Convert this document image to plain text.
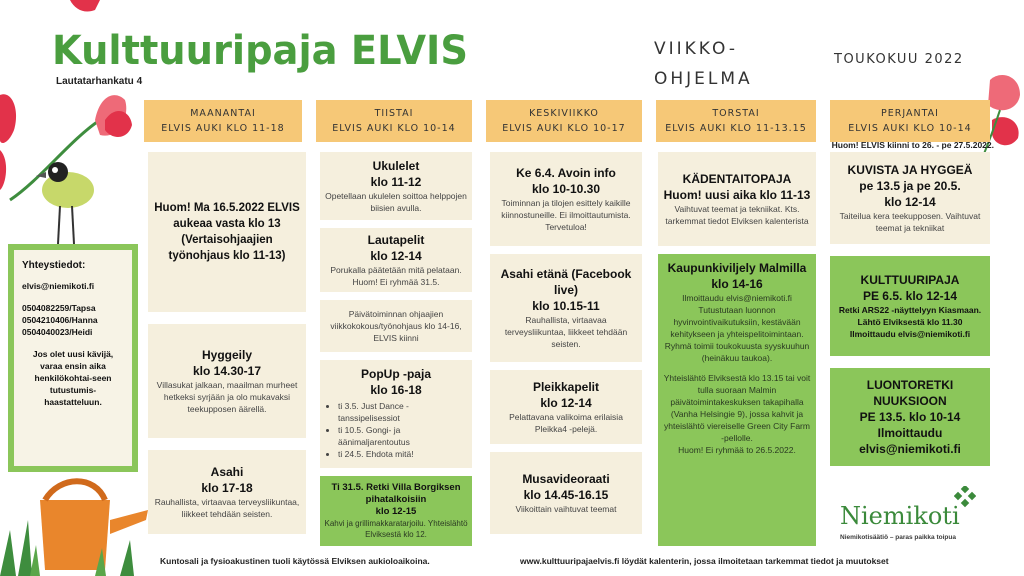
Kulttuuripaja ELVIS
Lautatarhankatu 4
VIIKKO-
OHJELMA
TOUKOKUU 2022
MAANANTAI
ELVIS AUKI KLO 11-18
TIISTAI
ELVIS AUKI KLO 10-14
KESKIVIIKKO
ELVIS AUKI KLO 10-17
TORSTAI
ELVIS AUKI KLO 11-13.15
PERJANTAI
ELVIS AUKI KLO 10-14
Huom! ELVIS kiinni to 26. - pe 27.5.2022.
Yhteystiedot:
elvis@niemikoti.fi
0504082259/Tapsa
0504210406/Hanna
0504040023/Heidi
Jos olet uusi kävijä, varaa ensin aika henkilökohtai-seen tutustumis-haastatteluun.
Huom! Ma 16.5.2022 ELVIS aukeaa vasta klo 13 (Vertaisohjaajien työnohjaus klo 11-13)
Hyggeily
klo 14.30-17
Villasukat jalkaan, maailman murheet hetkeksi syrjään ja olo mukavaksi teekupposen äärellä.
Asahi
klo 17-18
Rauhallista, virtaavaa terveysliikuntaa, liikkeet tehdään seisten.
Ukulelet
klo 11-12
Opetellaan ukulelen soittoa helppojen biisien avulla.
Lautapelit
klo 12-14
Porukalla päätetään mitä pelataan. Huom! Ei ryhmää 31.5.
Päivätoiminnan ohjaajien viikkokokous/työnohjaus klo 14-16, ELVIS kiinni
PopUp -paja
klo 16-18
• ti 3.5. Just Dance -tanssipelisessiot
• ti 10.5. Gongi- ja äänimaljarentoutus
• ti 24.5. Ehdota mitä!
Ti 31.5. Retki Villa Borgiksen pihatalkoisiin
klo 12-15
Kahvi ja grillimakkaratarjoilu. Yhteislähtö Elviksestä klo 12.
Ke 6.4. Avoin info
klo 10-10.30
Toiminnan ja tilojen esittely kaikille kiinnostuneille. Ei ilmoittautumista. Tervetuloa!
Asahi etänä (Facebook live)
klo 10.15-11
Rauhallista, virtaavaa terveysliikuntaa, liikkeet tehdään seisten.
Pleikkapelit
klo 12-14
Pelattavana valikoima erilaisia Pleikka4 -pelejä.
Musavideoraati
klo 14.45-16.15
Viikoittain vaihtuvat teemat
KÄDENTAITOPAJA
Huom! uusi aika klo 11-13
Vaihtuvat teemat ja tekniikat. Kts. tarkemmat tiedot Elviksen kalenterista
Kaupunkiviljely Malmilla
klo 14-16
Ilmoittaudu elvis@niemikoti.fi Tutustutaan luonnon hyvinvointivaikutuksiin, kestävään kehitykseen ja yhteispelitoimintaan. Ryhmä toimii toukokuusta syyskuuhun (heinäkuu taukoa).
Yhteislähtö Elviksestä klo 13.15 tai voit tulla suoraan Malmin päivätoimintakeskuksen takapihalla (Vanha Helsingie 9), jossa kahvit ja yhteislähtö viereiselle Green City Farm -pellolle.
Huom! Ei ryhmää to 26.5.2022.
KUVISTA JA HYGGEÄ
pe 13.5 ja pe 20.5.
klo 12-14
Taiteilua kera teekupposen. Vaihtuvat teemat ja tekniikat
KULTTUURIPAJA
PE 6.5. klo 12-14
Retki ARS22 -näyttelyyn Kiasmaan.
Lähtö Elviksestä klo 11.30
Ilmoittaudu elvis@niemikoti.fi
LUONTORETKI NUUKSIOON
PE 13.5. klo 10-14
Ilmoittaudu
elvis@niemikoti.fi
Niemikoti
Niemikotisäätiö – paras paikka toipua
Kuntosali ja fysioakustinen tuoli käytössä Elviksen aukioloaikoina.	www.kulttuuripajaelvis.fi löydät kalenterin, jossa ilmoitetaan tarkemmat tiedot ja muutokset
